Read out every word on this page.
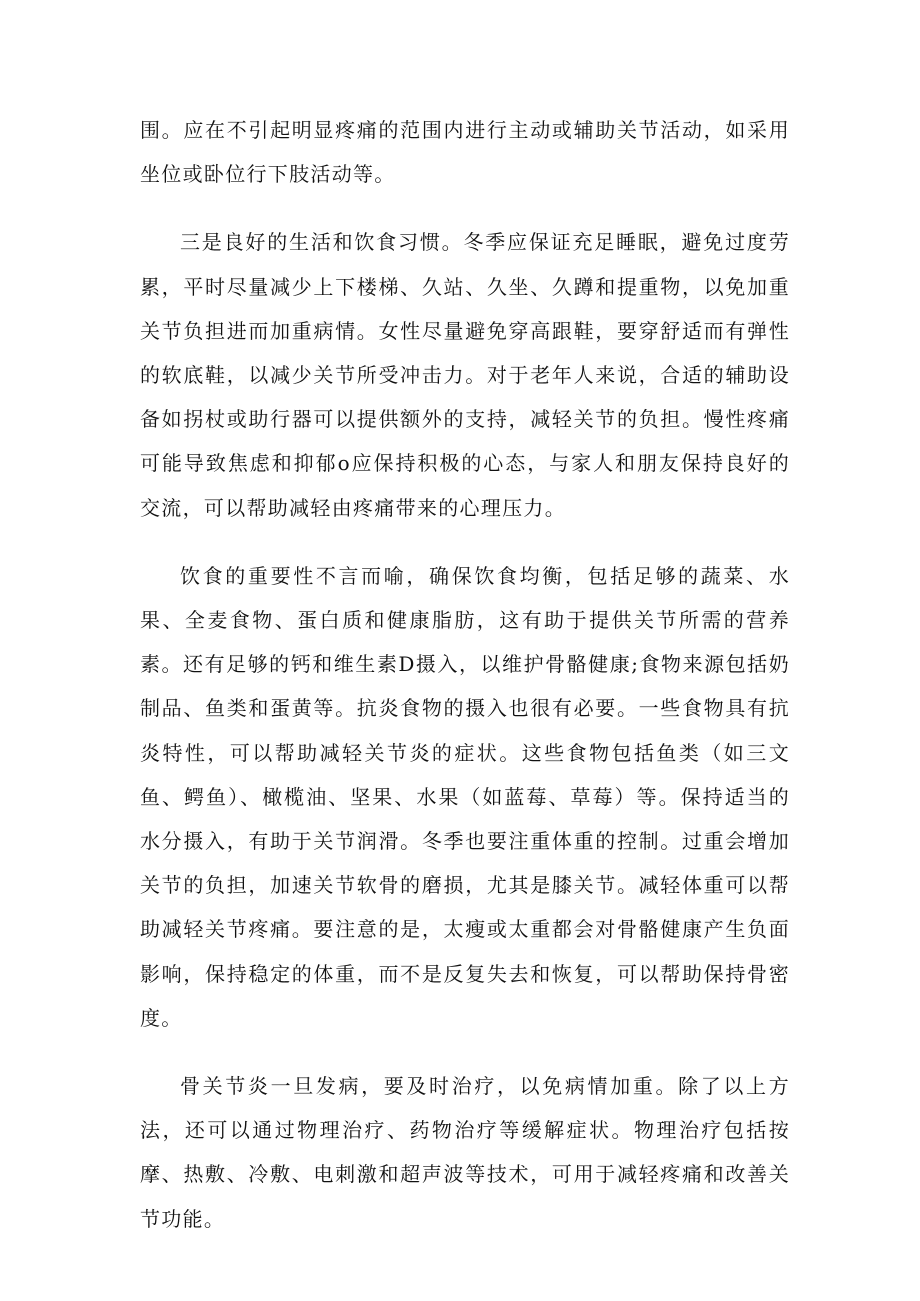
围。应在不引起明显疼痛的范围内进行主动或辅助关节活动，如采用坐位或卧位行下肢活动等。

三是良好的生活和饮食习惯。冬季应保证充足睡眠，避免过度劳累，平时尽量减少上下楼梯、久站、久坐、久蹲和提重物，以免加重关节负担进而加重病情。女性尽量避免穿高跟鞋，要穿舒适而有弹性的软底鞋，以减少关节所受冲击力。对于老年人来说，合适的辅助设备如拐杖或助行器可以提供额外的支持，减轻关节的负担。慢性疼痛可能导致焦虑和抑郁o应保持积极的心态，与家人和朋友保持良好的交流，可以帮助减轻由疼痛带来的心理压力。

饮食的重要性不言而喻，确保饮食均衡，包括足够的蔬菜、水果、全麦食物、蛋白质和健康脂肪，这有助于提供关节所需的营养素。还有足够的钙和维生素D摄入，以维护骨骼健康;食物来源包括奶制品、鱼类和蛋黄等。抗炎食物的摄入也很有必要。一些食物具有抗炎特性，可以帮助减轻关节炎的症状。这些食物包括鱼类（如三文鱼、鳄鱼）、橄榄油、坚果、水果（如蓝莓、草莓）等。保持适当的水分摄入，有助于关节润滑。冬季也要注重体重的控制。过重会增加关节的负担，加速关节软骨的磨损，尤其是膝关节。减轻体重可以帮助减轻关节疼痛。要注意的是，太瘦或太重都会对骨骼健康产生负面影响，保持稳定的体重，而不是反复失去和恢复，可以帮助保持骨密度。

骨关节炎一旦发病，要及时治疗，以免病情加重。除了以上方法，还可以通过物理治疗、药物治疗等缓解症状。物理治疗包括按摩、热敷、冷敷、电刺激和超声波等技术，可用于减轻疼痛和改善关节功能。
